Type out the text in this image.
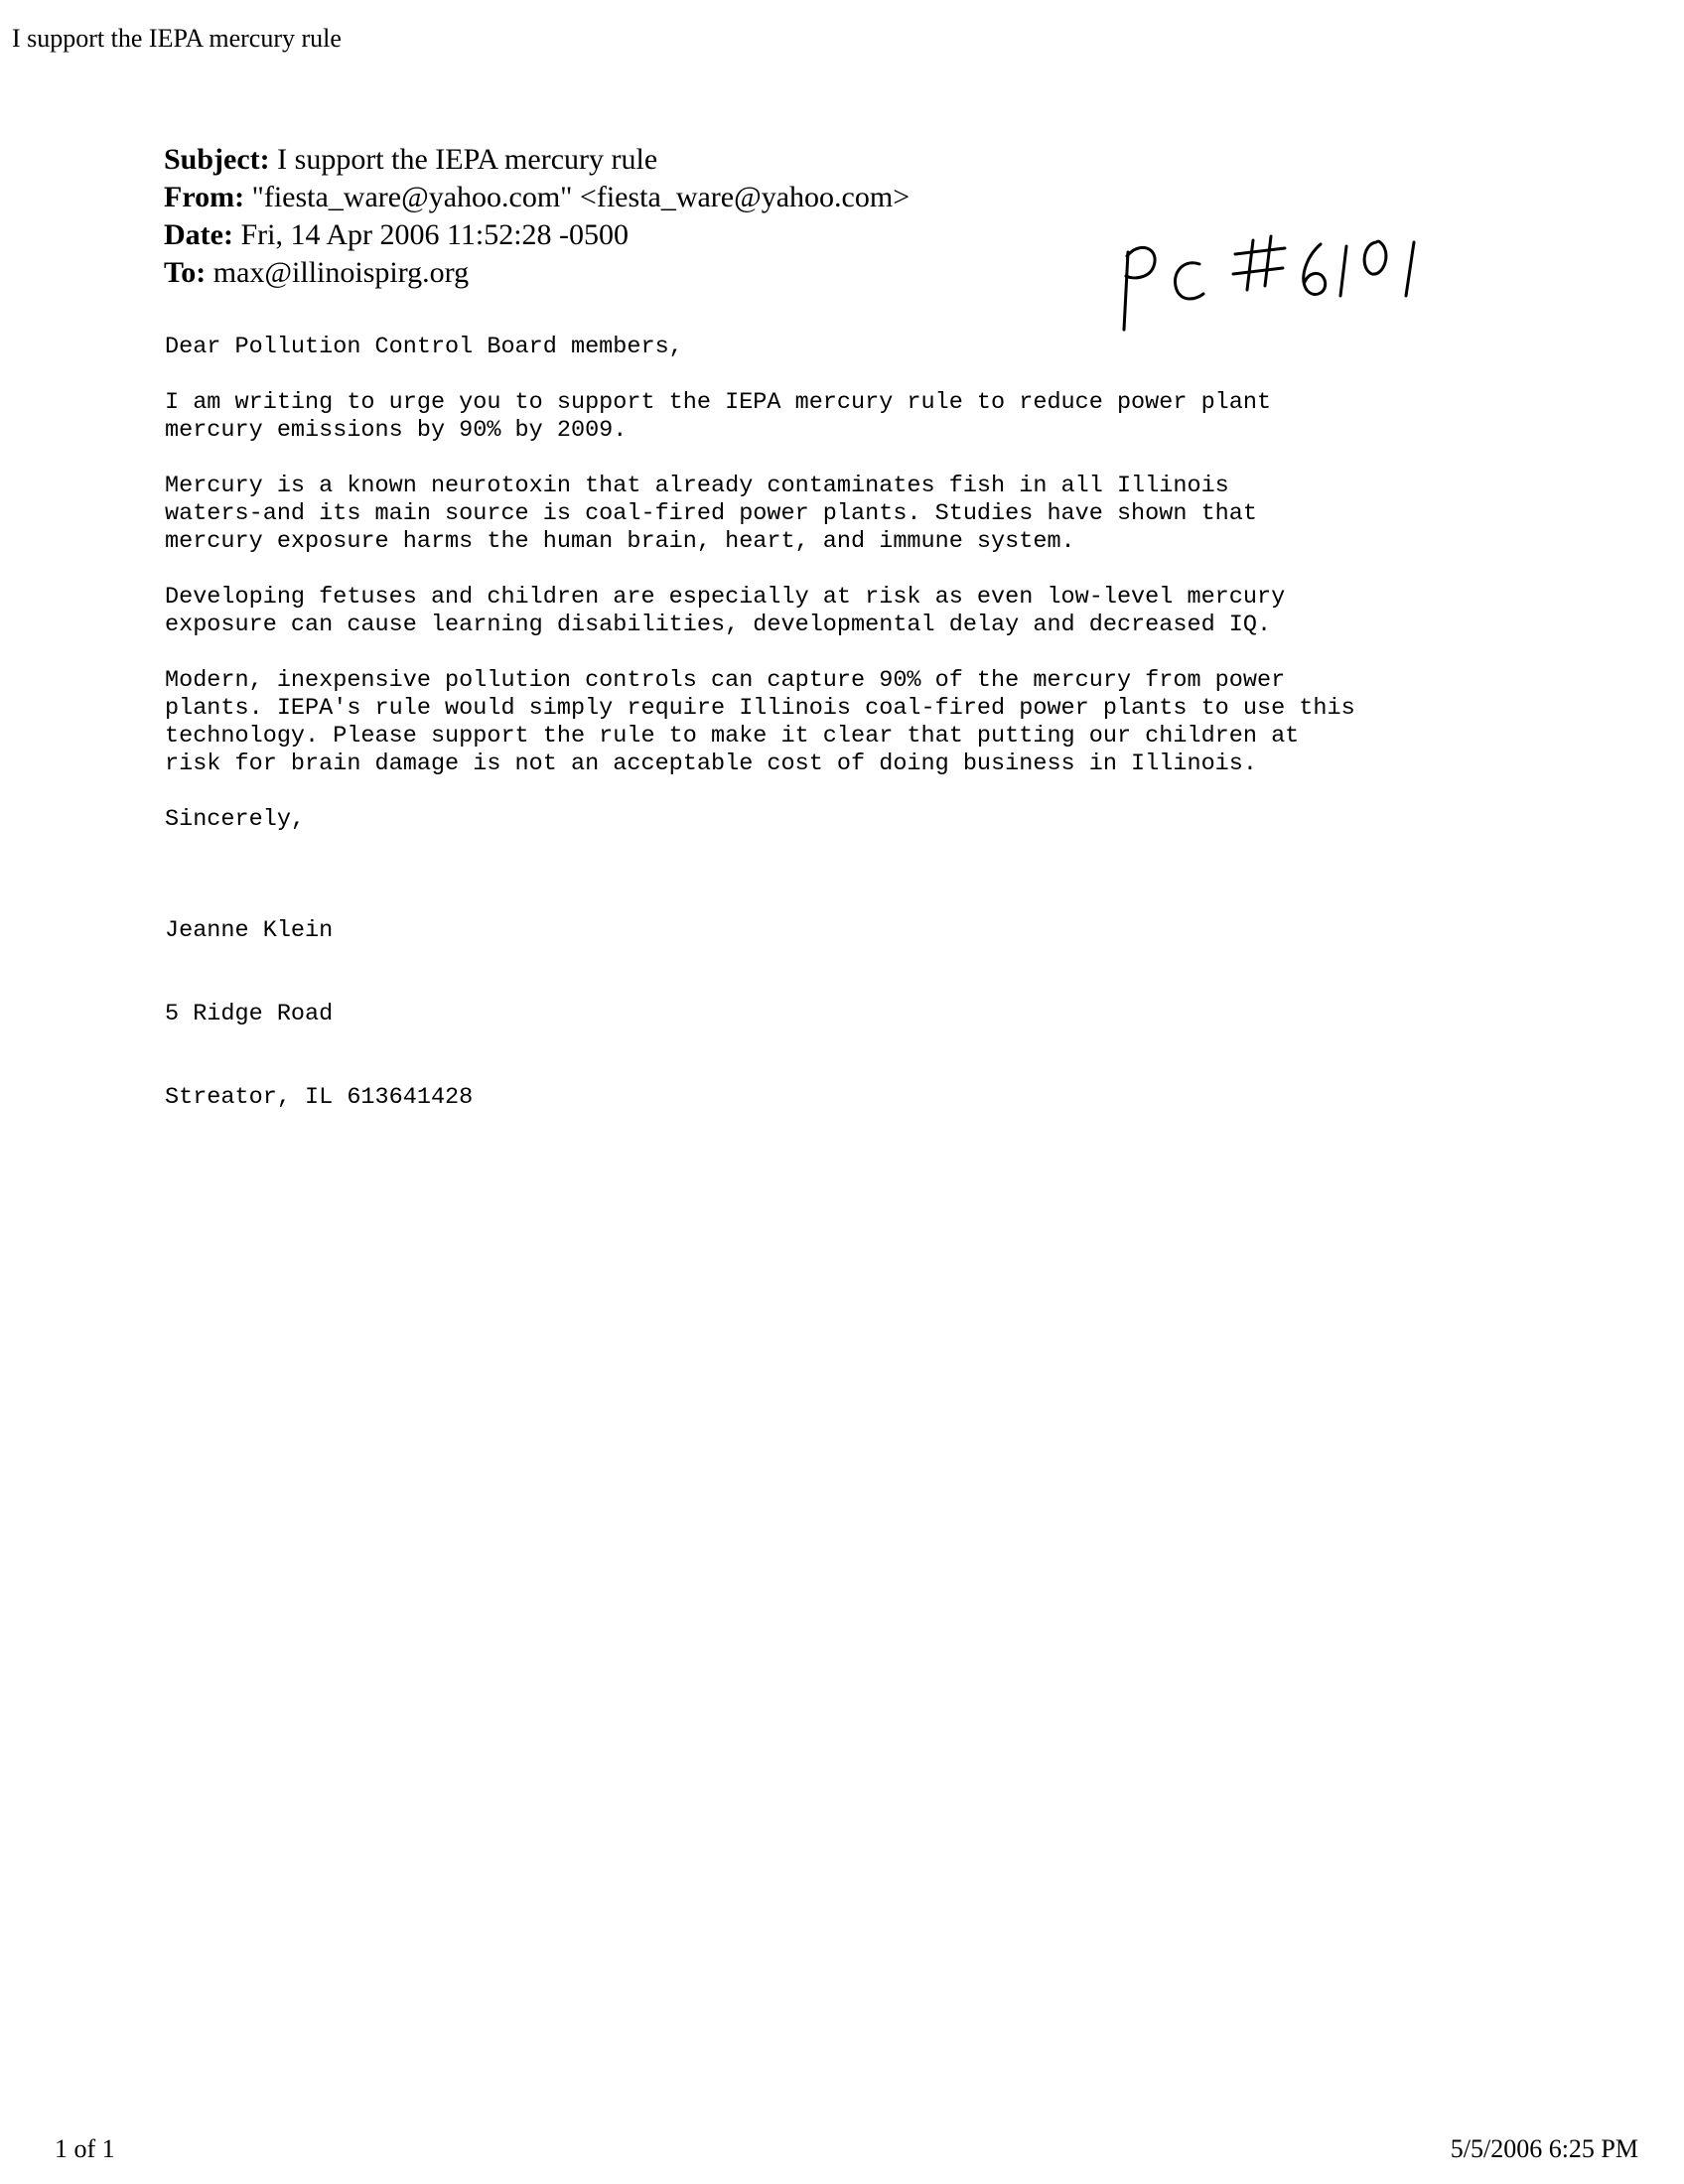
I support the IEPA mercury rule
Subject: I support the IEPA mercury rule
From: "fiesta_ware@yahoo.com" <fiesta_ware@yahoo.com>
Date: Fri, 14 Apr 2006 11:52:28 -0500
To: max@illinoispirg.org

Dear Pollution Control Board members,

I am writing to urge you to support the IEPA mercury rule to reduce power plant
mercury emissions by 90% by 2009.

Mercury is a known neurotoxin that already contaminates fish in all Illinois
waters-and its main source is coal-fired power plants. Studies have shown that
mercury exposure harms the human brain, heart, and immune system.

Developing fetuses and children are especially at risk as even low-level mercury
exposure can cause learning disabilities, developmental delay and decreased IQ.

Modern, inexpensive pollution controls can capture 90% of the mercury from power
plants. IEPA's rule would simply require Illinois coal-fired power plants to use this
technology. Please support the rule to make it clear that putting our children at
risk for brain damage is not an acceptable cost of doing business in Illinois.

Sincerely,

Jeanne Klein

5 Ridge Road

Streator, IL 613641428

1 of 1	5/5/2006 6:25 PM
